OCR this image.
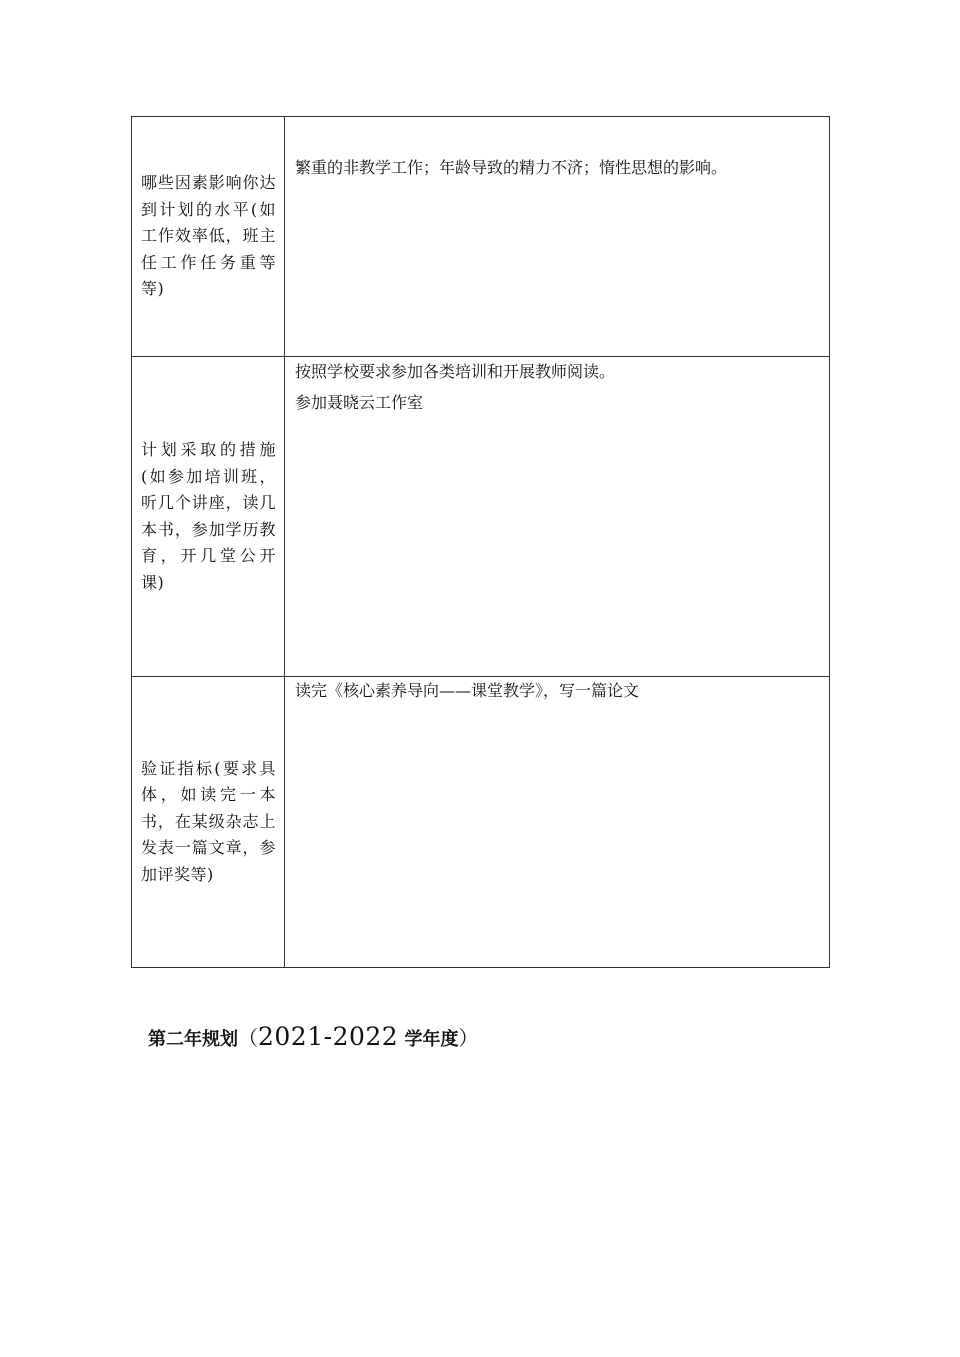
哪些因素影响你达到计划的水平(如工作效率低，班主任工作任务重等等)	繁重的非教学工作；年龄导致的精力不济；惰性思想的影响。

计划采取的措施(如参加培训班，听几个讲座，读几本书，参加学历教育，开几堂公开课)	按照学校要求参加各类培训和开展教师阅读。
参加聂晓云工作室

验证指标(要求具体，如读完一本书，在某级杂志上发表一篇文章，参加评奖等)	读完《核心素养导向——课堂教学》，写一篇论文
第二年规划（2021-2022 学年度）
